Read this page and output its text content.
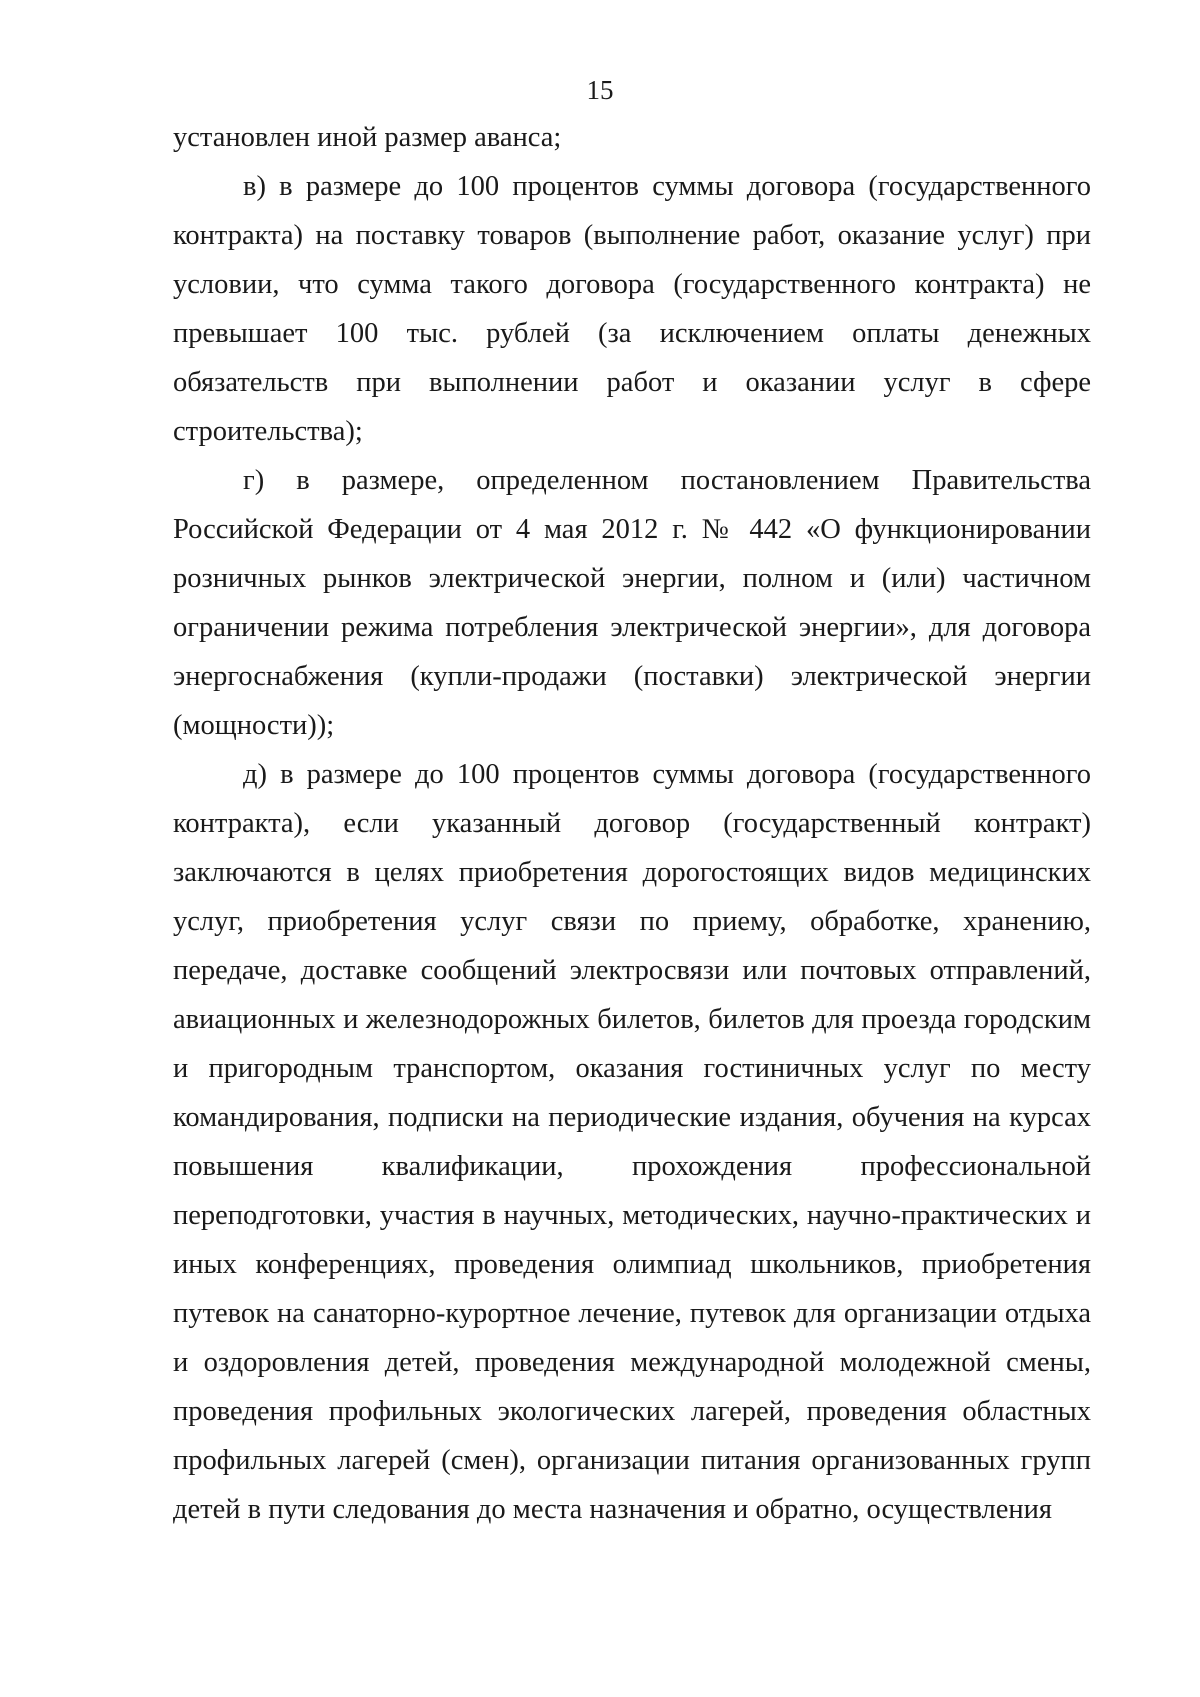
15

установлен иной размер аванса;

в) в размере до 100 процентов суммы договора (государственного контракта) на поставку товаров (выполнение работ, оказание услуг) при условии, что сумма такого договора (государственного контракта) не превышает 100 тыс. рублей (за исключением оплаты денежных обязательств при выполнении работ и оказании услуг в сфере строительства);

г) в размере, определенном постановлением Правительства Российской Федерации от 4 мая 2012 г. № 442 «О функционировании розничных рынков электрической энергии, полном и (или) частичном ограничении режима потребления электрической энергии», для договора энергоснабжения (купли-продажи (поставки) электрической энергии (мощности));

д) в размере до 100 процентов суммы договора (государственного контракта), если указанный договор (государственный контракт) заключаются в целях приобретения дорогостоящих видов медицинских услуг, приобретения услуг связи по приему, обработке, хранению, передаче, доставке сообщений электросвязи или почтовых отправлений, авиационных и железнодорожных билетов, билетов для проезда городским и пригородным транспортом, оказания гостиничных услуг по месту командирования, подписки на периодические издания, обучения на курсах повышения квалификации, прохождения профессиональной переподготовки, участия в научных, методических, научно-практических и иных конференциях, проведения олимпиад школьников, приобретения путевок на санаторно-курортное лечение, путевок для организации отдыха и оздоровления детей, проведения международной молодежной смены, проведения профильных экологических лагерей, проведения областных профильных лагерей (смен), организации питания организованных групп детей в пути следования до места назначения и обратно, осуществления
